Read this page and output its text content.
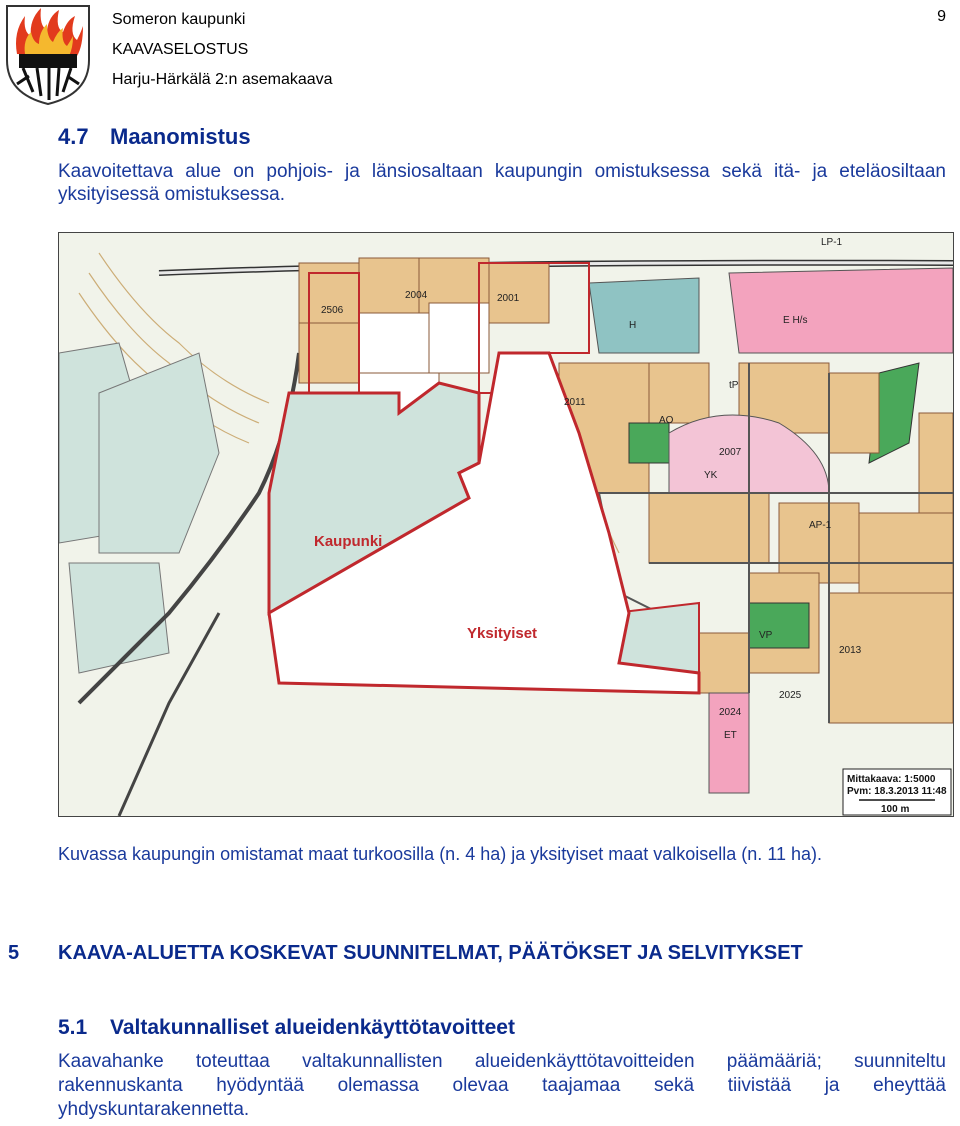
Someron kaupunki
KAAVASELOSTUS
Harju-Härkälä 2:n asemakaava
9
4.7 Maanomistus
Kaavoitettava alue on pohjois- ja länsiosaltaan kaupungin omistuksessa sekä itä- ja eteläosiltaan yksityisessä omistuksessa.
Kaupunki
Yksityiset
LP-1
H	E H/s
AO
YK
VP
tP
AP-1
ET
2001
2004
2007
2011
2013
2024
2025
2506
Mittakaava: 1:5000
Pvm: 18.3.2013 11:48
100 m
Kuvassa kaupungin omistamat maat turkoosilla (n. 4 ha) ja yksityiset maat valkoisella (n. 11 ha).
5 KAAVA-ALUETTA KOSKEVAT SUUNNITELMAT, PÄÄTÖKSET JA SELVITYKSET
5.1 Valtakunnalliset alueidenkäyttötavoitteet
Kaavahanke toteuttaa valtakunnallisten alueidenkäyttötavoitteiden päämääriä; suunniteltu
rakennuskanta hyödyntää olemassa olevaa taajamaa sekä tiivistää ja eheyttää
yhdyskuntarakennetta.
